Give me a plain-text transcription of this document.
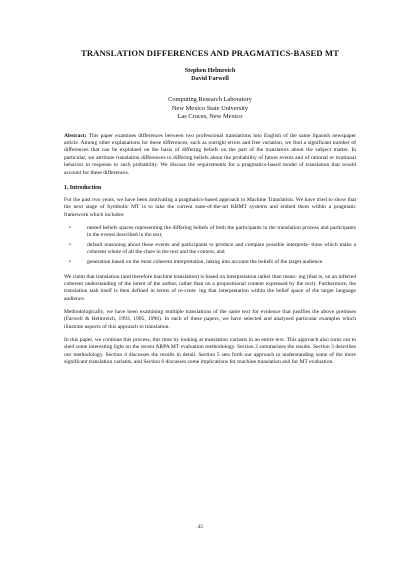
TRANSLATION DIFFERENCES AND PRAGMATICS-BASED MT
Stephen Helmreich
David Farwell
Computing Research Laboratory
New Mexico State University
Las Cruces, New Mexico

Abstract: This paper examines differences between two professional translations into English of the same Spanish newspaper article. Among other explanations for these differences, such as outright errors and free variation, we find a significant number of differences that can be explained on the basis of differing beliefs on the part of the translators about the subject matter. In particular, we attribute translation differences to differing beliefs about the probability of future events and of rational or irrational behavior in response to such probability. We discuss the requirements for a pragmatics-based model of translation that would account for these differences.

1. Introduction

For the past two years, we have been motivating a pragmatics-based approach to Machine Translation. We have tried to show that the next stage of Symbolic MT is to take the current state-of-the-art KBMT systems and embed them within a pragmatic framework which includes:

•	nested beliefs spaces representing the differing beliefs of both the participants in the translation process and participants in the events described in the text,
•	default reasoning about these events and participants to produce and compare possible interpreta- tions which make a coherent whole of all the clues in the text and the context, and
•	generation based on the most coherent interpretation, taking into account the beliefs of the target audience.

We claim that translation (and therefore machine translation) is based on interpretation rather than mean- ing (that is, on an inferred coherent understanding of the intent of the author, rather than on a propositional content expressed by the text). Furthermore, the translation task itself is then defined in terms of re-creat- ing that interpretation within the belief space of the target language audience.

Methodologically, we have been examining multiple translations of the same text for evidence that justifies the above premises (Farwell & Helmreich, 1993, 1995, 1996). In each of these papers, we have selected and analyzed particular examples which illustrate aspects of this approach to translation.

In this paper, we continue this process, this time by looking at translation variants in an entire text. This approach also turns out to shed some interesting light on the recent ARPA MT evaluation methodology. Section 2 summarizes the results. Section 3 describes our methodology. Section 4 discusses the results in detail. Section 5 sets forth our approach to understanding some of the more significant translation variants, and Section 6 discusses some implications for machine translation and for MT evaluation.

43
